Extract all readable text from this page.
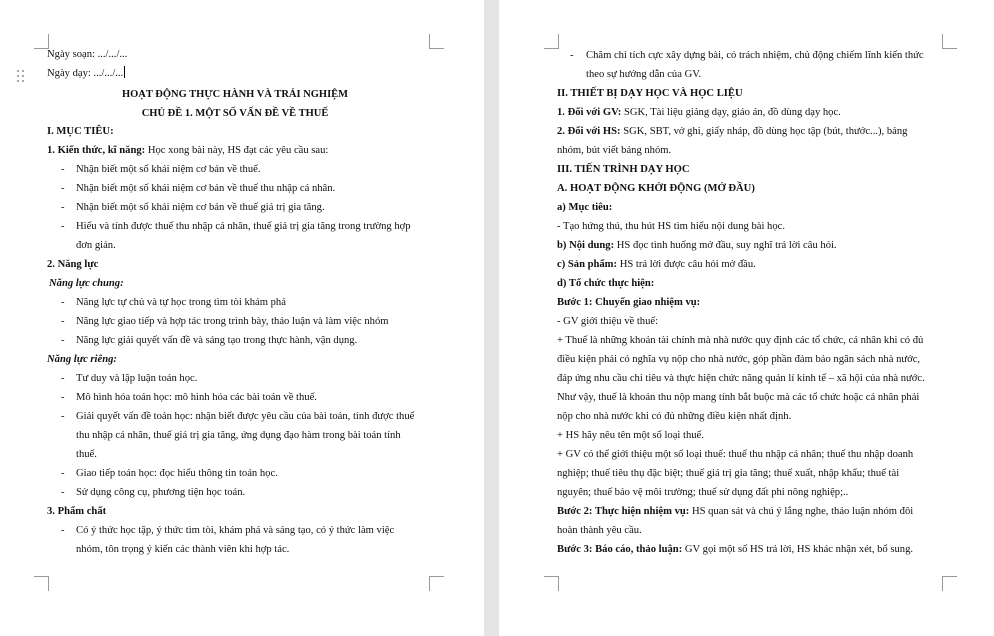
Ngày soạn: .../.../...
Ngày dạy: .../.../...
HOẠT ĐỘNG THỰC HÀNH VÀ TRẢI NGHIỆM
CHỦ ĐỀ 1. MỘT SỐ VẤN ĐỀ VỀ THUẾ
I. MỤC TIÊU:
1. Kiến thức, kĩ năng: Học xong bài này, HS đạt các yêu cầu sau:
- Nhận biết một số khái niệm cơ bản về thuế.
- Nhận biết một số khái niệm cơ bản về thuế thu nhập cá nhân.
- Nhận biết một số khái niệm cơ bản về thuế giá trị gia tăng.
- Hiểu và tính được thuế thu nhập cá nhân, thuế giá trị gia tăng trong trường hợp
đơn giản.
2. Năng lực
Năng lực chung:
- Năng lực tự chủ và tự học trong tìm tòi khám phá
- Năng lực giao tiếp và hợp tác trong trình bày, thảo luận và làm việc nhóm
- Năng lực giải quyết vấn đề và sáng tạo trong thực hành, vận dụng.
Năng lực riêng:
- Tư duy và lập luận toán học.
- Mô hình hóa toán học: mô hình hóa các bài toán về thuế.
- Giải quyết vấn đề toán học: nhận biết được yêu cầu của bài toán, tính được thuế
thu nhập cá nhân, thuế giá trị gia tăng, ứng dụng đạo hàm trong bài toán tính
thuế.
- Giao tiếp toán học: đọc hiểu thông tin toán học.
- Sử dụng công cụ, phương tiện học toán.
3. Phẩm chất
- Có ý thức học tập, ý thức tìm tòi, khám phá và sáng tạo, có ý thức làm việc
nhóm, tôn trọng ý kiến các thành viên khi hợp tác.
- Chăm chỉ tích cực xây dựng bài, có trách nhiệm, chủ động chiếm lĩnh kiến thức
theo sự hướng dẫn của GV.
II. THIẾT BỊ DẠY HỌC VÀ HỌC LIỆU
1. Đối với GV: SGK, Tài liệu giảng dạy, giáo án, đồ dùng dạy học.
2. Đối với HS: SGK, SBT, vở ghi, giấy nháp, đồ dùng học tập (bút, thước...), bảng
nhóm, bút viết bảng nhóm.
III. TIẾN TRÌNH DẠY HỌC
A. HOẠT ĐỘNG KHỞI ĐỘNG (MỞ ĐẦU)
a) Mục tiêu:
- Tạo hứng thú, thu hút HS tìm hiểu nội dung bài học.
b) Nội dung: HS đọc tình huống mở đầu, suy nghĩ trả lời câu hỏi.
c) Sản phẩm: HS trả lời được câu hỏi mở đầu.
d) Tổ chức thực hiện:
Bước 1: Chuyển giao nhiệm vụ:
- GV giới thiệu về thuế:
+ Thuế là những khoản tài chính mà nhà nước quy định các tổ chức, cá nhân khi có đủ
điều kiện phải có nghĩa vụ nộp cho nhà nước, góp phần đảm bảo ngân sách nhà nước,
đáp ứng nhu cầu chi tiêu và thực hiện chức năng quản lí kinh tế – xã hội của nhà nước.
Như vậy, thuế là khoản thu nộp mang tính bắt buộc mà các tổ chức hoặc cá nhân phải
nộp cho nhà nước khi có đủ những điều kiện nhất định.
+ HS hãy nêu tên một số loại thuế.
+ GV có thể giới thiệu một số loại thuế: thuế thu nhập cá nhân; thuế thu nhập doanh
nghiệp; thuế tiêu thụ đặc biệt; thuế giá trị gia tăng; thuế xuất, nhập khẩu; thuế tài
nguyên; thuế bảo vệ môi trường; thuế sử dụng đất phi nông nghiệp;..
Bước 2: Thực hiện nhiệm vụ: HS quan sát và chú ý lắng nghe, thảo luận nhóm đôi
hoàn thành yêu cầu.
Bước 3: Báo cáo, thảo luận: GV gọi một số HS trả lời, HS khác nhận xét, bổ sung.
